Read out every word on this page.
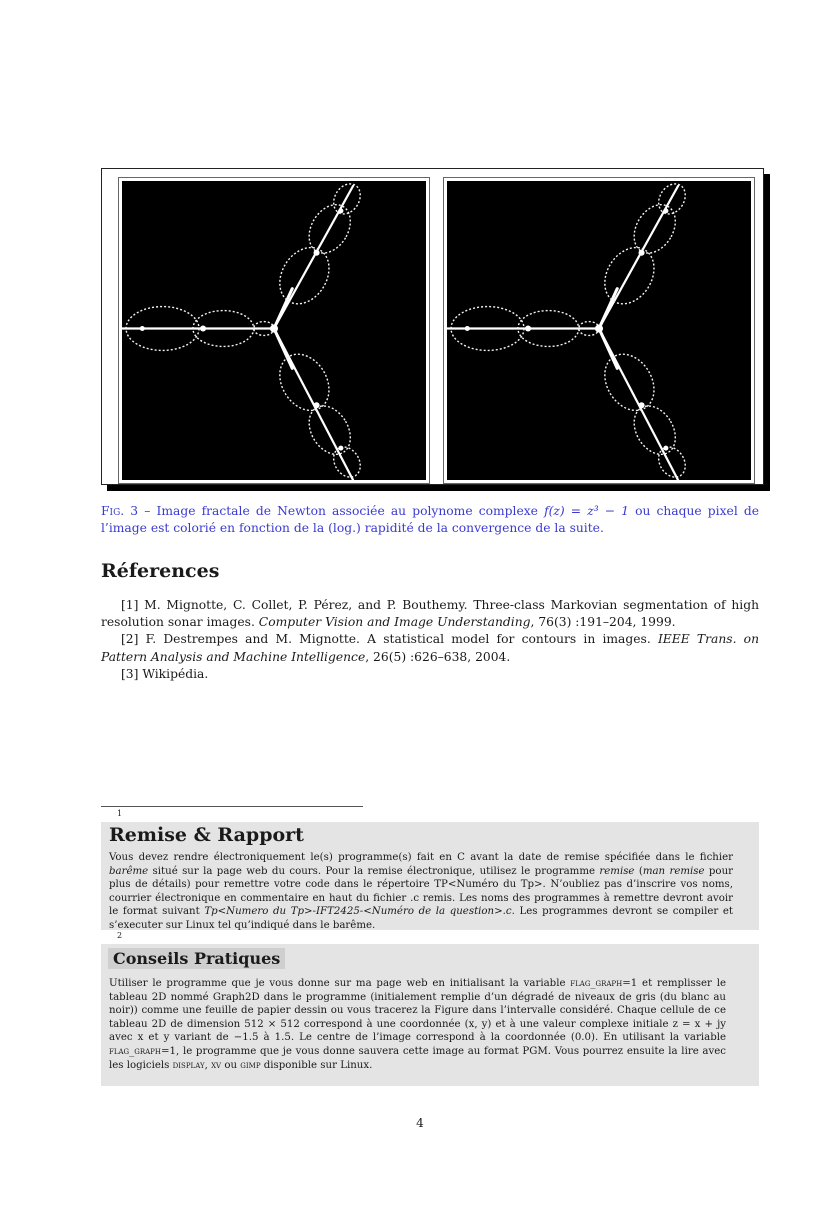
Fig. 3 – Image fractale de Newton associée au polynome complexe f(z) = z³ − 1 ou chaque pixel de l’image est colorié en fonction de la (log.) rapidité de la convergence de la suite.
Réferences

[1] M. Mignotte, C. Collet, P. Pérez, and P. Bouthemy. Three-class Markovian segmentation of high resolution sonar images. Computer Vision and Image Understanding, 76(3) :191–204, 1999.

[2] F. Destrempes and M. Mignotte. A statistical model for contours in images. IEEE Trans. on Pattern Analysis and Machine Intelligence, 26(5) :626–638, 2004.

[3] Wikipédia.

1
Remise & Rapport
Vous devez rendre électroniquement le(s) programme(s) fait en C avant la date de remise spécifiée dans le fichier barême situé sur la page web du cours. Pour la remise électronique, utilisez le programme remise (man remise pour plus de détails) pour remettre votre code dans le répertoire TP<Numéro du Tp>. N’oubliez pas d’inscrire vos noms, courrier électronique en commentaire en haut du fichier .c remis. Les noms des programmes à remettre devront avoir le format suivant Tp<Numero du Tp>-IFT2425-<Numéro de la question>.c. Les programmes devront se compiler et s’executer sur Linux tel qu’indiqué dans le barême.
2
Conseils Pratiques
Utiliser le programme que je vous donne sur ma page web en initialisant la variable flag_graph=1 et remplisser le tableau 2D nommé Graph2D dans le programme (initialement remplie d’un dégradé de niveaux de gris (du blanc au noir)) comme une feuille de papier dessin ou vous tracerez la Figure dans l’intervalle considéré. Chaque cellule de ce tableau 2D de dimension 512 × 512 correspond à une coordonnée (x, y) et à une valeur complexe initiale z = x + jy avec x et y variant de −1.5 à 1.5. Le centre de l’image correspond à la coordonnée (0.0). En utilisant la variable flag_graph=1, le programme que je vous donne sauvera cette image au format PGM. Vous pourrez ensuite la lire avec les logiciels display, xv ou gimp disponible sur Linux.
4
